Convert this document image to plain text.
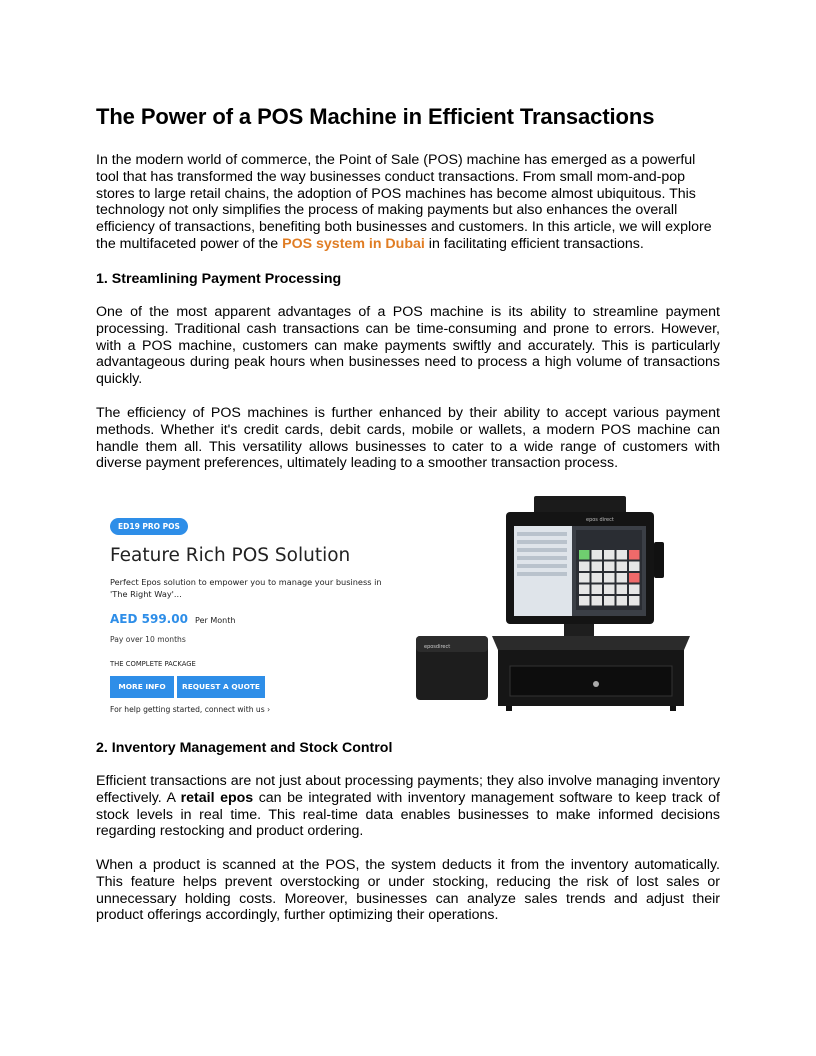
The Power of a POS Machine in Efficient Transactions

In the modern world of commerce, the Point of Sale (POS) machine has emerged as a powerful tool that has transformed the way businesses conduct transactions. From small mom-and-pop stores to large retail chains, the adoption of POS machines has become almost ubiquitous. This technology not only simplifies the process of making payments but also enhances the overall efficiency of transactions, benefiting both businesses and customers. In this article, we will explore the multifaceted power of the POS system in Dubai in facilitating efficient transactions.

1. Streamlining Payment Processing

One of the most apparent advantages of a POS machine is its ability to streamline payment processing. Traditional cash transactions can be time-consuming and prone to errors. However, with a POS machine, customers can make payments swiftly and accurately. This is particularly advantageous during peak hours when businesses need to process a high volume of transactions quickly.

The efficiency of POS machines is further enhanced by their ability to accept various payment methods. Whether it's credit cards, debit cards, mobile or wallets, a modern POS machine can handle them all. This versatility allows businesses to cater to a wide range of customers with diverse payment preferences, ultimately leading to a smoother transaction process.

ED19 PRO POS
Feature Rich POS Solution
Perfect Epos solution to empower you to manage your business in 'The Right Way'...
AED 599.00 Per Month
Pay over 10 months
THE COMPLETE PACKAGE
MORE INFO	REQUEST A QUOTE
For help getting started, connect with us ›
epos direct
eposdirect
2. Inventory Management and Stock Control

Efficient transactions are not just about processing payments; they also involve managing inventory effectively. A retail epos can be integrated with inventory management software to keep track of stock levels in real time. This real-time data enables businesses to make informed decisions regarding restocking and product ordering.

When a product is scanned at the POS, the system deducts it from the inventory automatically. This feature helps prevent overstocking or under stocking, reducing the risk of lost sales or unnecessary holding costs. Moreover, businesses can analyze sales trends and adjust their product offerings accordingly, further optimizing their operations.
